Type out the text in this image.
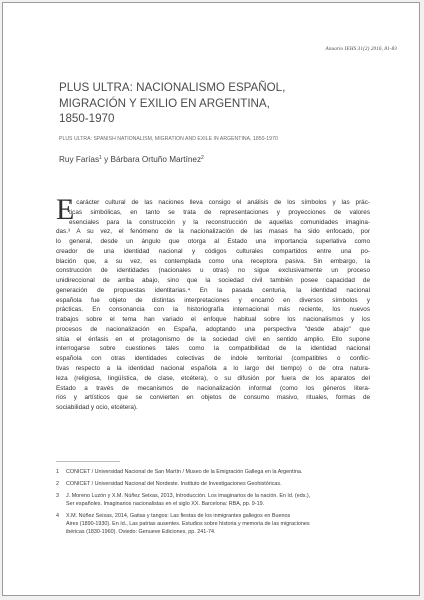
Anuario IEHS 31(2) 2016, 81-83
PLUS ULTRA: NACIONALISMO ESPAÑOL,
MIGRACIÓN Y EXILIO EN ARGENTINA,
1850-1970
PLUS ULTRA: SPANISH NATIONALISM, MIGRATION AND EXILE IN ARGENTINA, 1850-1970
Ruy Farías$^1$ y Bárbara Ortuño Martínez$^2$
E
l carácter cultural de las naciones lleva consigo el análisis de los símbolos y las prác-
ticas simbólicas, en tanto se trata de representaciones y proyecciones de valores
esenciales para la construcción y la reconstrucción de aquellas comunidades imagina-
das.³ A su vez, el fenómeno de la nacionalización de las masas ha sido enfocado, por
lo general, desde un ángulo que otorga al Estado una importancia superlativa como
creador de una identidad nacional y códigos culturales compartidos entre una po-
blación que, a su vez, es contemplada como una receptora pasiva. Sin embargo, la
construcción de identidades (nacionales u otras) no sigue exclusivamente un proceso
unidireccional de arriba abajo, sino que la sociedad civil también posee capacidad de
generación de propuestas identitarias.⁴ En la pasada centuria, la identidad nacional
española fue objeto de distintas interpretaciones y encarnó en diversos símbolos y
prácticas. En consonancia con la historiografía internacional más reciente, los nuevos
trabajos sobre el tema han variado el enfoque habitual sobre los nacionalismos y los
procesos de nacionalización en España, adoptando una perspectiva "desde abajo" que
sitúa el énfasis en el protagonismo de la sociedad civil en sentido amplio. Ello supone
interrogarse sobre cuestiones tales como la compatibilidad de la identidad nacional
española con otras identidades colectivas de índole territorial (compatibles o conflic-
tivas respecto a la identidad nacional española a lo largo del tiempo) o de otra natura-
leza (religiosa, lingüística, de clase, etcétera), o su difusión por fuera de los aparatos del
Estado a través de mecanismos de nacionalización informal (como los géneros litera-
rios y artísticos que se convierten en objetos de consumo masivo, rituales, formas de
sociabilidad y ocio, etcétera).
1 CONICET / Universidad Nacional de San Martín / Museo de la Emigración Gallega en la Argentina.
2 CONICET / Universidad Nacional del Nordeste. Instituto de Investigaciones Geohistóricas.
3 J. Moreno Luzón y X.M. Núñez Seixas, 2013, Introducción. Los imaginarios de la nación. En íd. (eds.),
Ser españoles. Imaginarios nacionalistas en el siglo XX. Barcelona: RBA, pp. 9-19.
4 X.M. Núñez Seixas, 2014, Gaitas y tangos: Las fiestas de los inmigrantes gallegos en Buenos
Aires (1890-1930). En íd., Las patrias ausentes. Estudios sobre historia y memoria de las migraciones
ibéricas (1830-1960). Oviedo: Genueve Ediciones, pp. 241-74.
